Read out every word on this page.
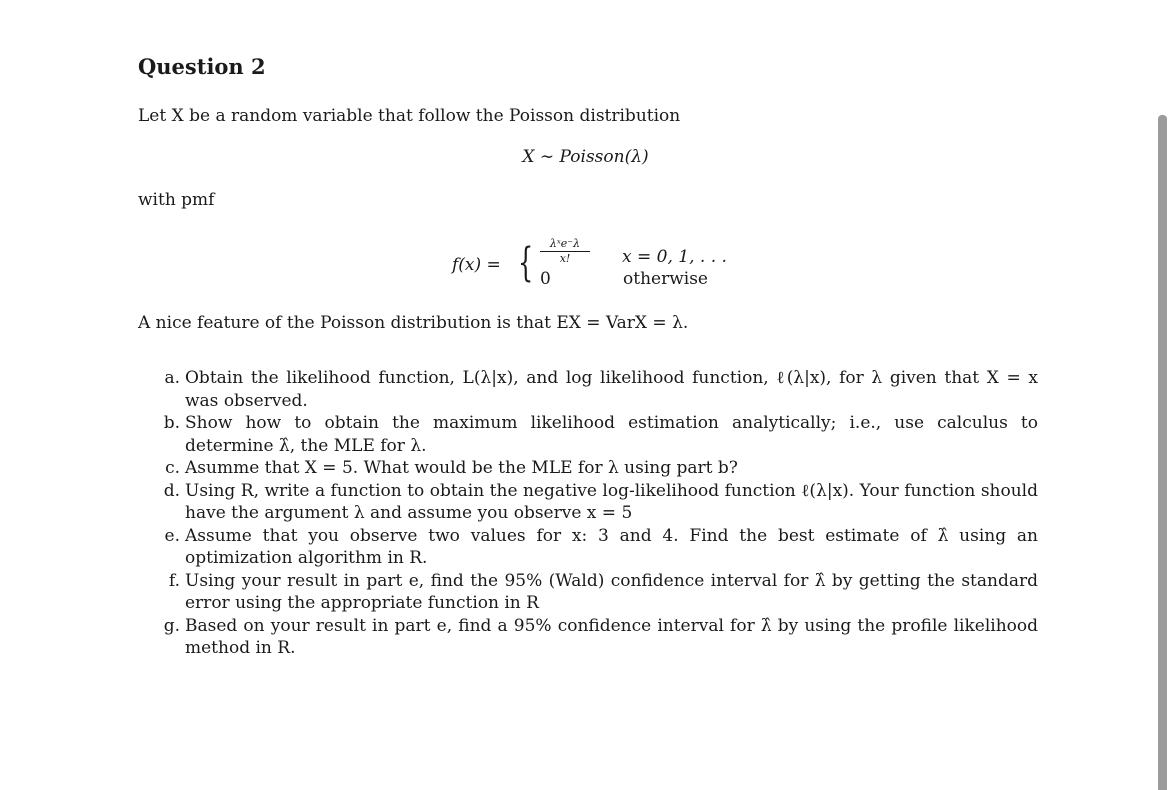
Question 2
Let X be a random variable that follow the Poisson distribution
X ∼ Poisson(λ)
with pmf
f(x) = {	λˣe⁻λ
x!
0
x = 0, 1, . . .
otherwise
A nice feature of the Poisson distribution is that EX = VarX = λ.
a. Obtain the likelihood function, L(λ|x), and log likelihood function, ℓ(λ|x), for λ given that X = x was observed.
b. Show how to obtain the maximum likelihood estimation analytically; i.e., use calculus to determine λ̂, the MLE for λ.
c. Asumme that X = 5. What would be the MLE for λ using part b?
d. Using R, write a function to obtain the negative log-likelihood function ℓ(λ|x). Your function should have the argument λ and assume you observe x = 5
e. Assume that you observe two values for x: 3 and 4. Find the best estimate of λ̂ using an optimization algorithm in R.
f. Using your result in part e, find the 95% (Wald) confidence interval for λ̂ by getting the standard error using the appropriate function in R
g. Based on your result in part e, find a 95% confidence interval for λ̂ by using the profile likelihood method in R.
